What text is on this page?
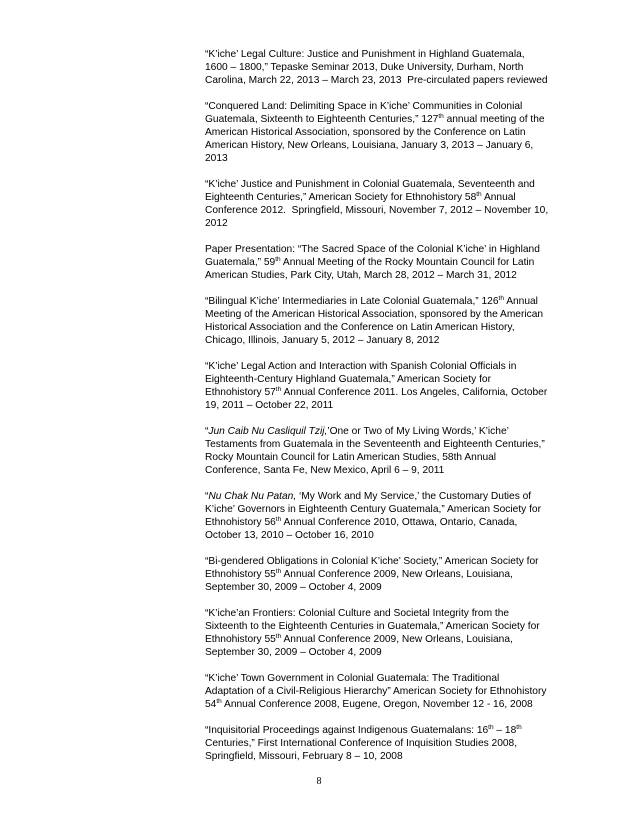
“K’iche’ Legal Culture: Justice and Punishment in Highland Guatemala, 1600 – 1800,” Tepaske Seminar 2013, Duke University, Durham, North Carolina, March 22, 2013 – March 23, 2013  Pre-circulated papers reviewed

“Conquered Land: Delimiting Space in K’iche’ Communities in Colonial Guatemala, Sixteenth to Eighteenth Centuries,” 127th annual meeting of the American Historical Association, sponsored by the Conference on Latin American History, New Orleans, Louisiana, January 3, 2013 – January 6, 2013

“K’iche’ Justice and Punishment in Colonial Guatemala, Seventeenth and Eighteenth Centuries,” American Society for Ethnohistory 58th Annual Conference 2012.  Springfield, Missouri, November 7, 2012 – November 10, 2012

Paper Presentation: “The Sacred Space of the Colonial K’iche’ in Highland Guatemala,” 59th Annual Meeting of the Rocky Mountain Council for Latin American Studies, Park City, Utah, March 28, 2012 – March 31, 2012

“Bilingual K’iche’ Intermediaries in Late Colonial Guatemala,” 126th Annual Meeting of the American Historical Association, sponsored by the American Historical Association and the Conference on Latin American History, Chicago, Illinois, January 5, 2012 – January 8, 2012

“K’iche’ Legal Action and Interaction with Spanish Colonial Officials in Eighteenth-Century Highland Guatemala,” American Society for Ethnohistory 57th Annual Conference 2011. Los Angeles, California, October 19, 2011 – October 22, 2011

“Jun Caib Nu Casliquil Tzij,’One or Two of My Living Words,’ K’iche’ Testaments from Guatemala in the Seventeenth and Eighteenth Centuries,” Rocky Mountain Council for Latin American Studies, 58th Annual Conference, Santa Fe, New Mexico, April 6 – 9, 2011

“Nu Chak Nu Patan, ‘My Work and My Service,’ the Customary Duties of K’iche’ Governors in Eighteenth Century Guatemala,” American Society for Ethnohistory 56th Annual Conference 2010, Ottawa, Ontario, Canada, October 13, 2010 – October 16, 2010

“Bi-gendered Obligations in Colonial K’iche’ Society,” American Society for Ethnohistory 55th Annual Conference 2009, New Orleans, Louisiana, September 30, 2009 – October 4, 2009

“K’iche’an Frontiers: Colonial Culture and Societal Integrity from the Sixteenth to the Eighteenth Centuries in Guatemala,” American Society for Ethnohistory 55th Annual Conference 2009, New Orleans, Louisiana, September 30, 2009 – October 4, 2009

“K’iche’ Town Government in Colonial Guatemala: The Traditional Adaptation of a Civil-Religious Hierarchy” American Society for Ethnohistory 54th Annual Conference 2008, Eugene, Oregon, November 12 - 16, 2008

“Inquisitorial Proceedings against Indigenous Guatemalans: 16th – 18th Centuries,” First International Conference of Inquisition Studies 2008, Springfield, Missouri, February 8 – 10, 2008

8
